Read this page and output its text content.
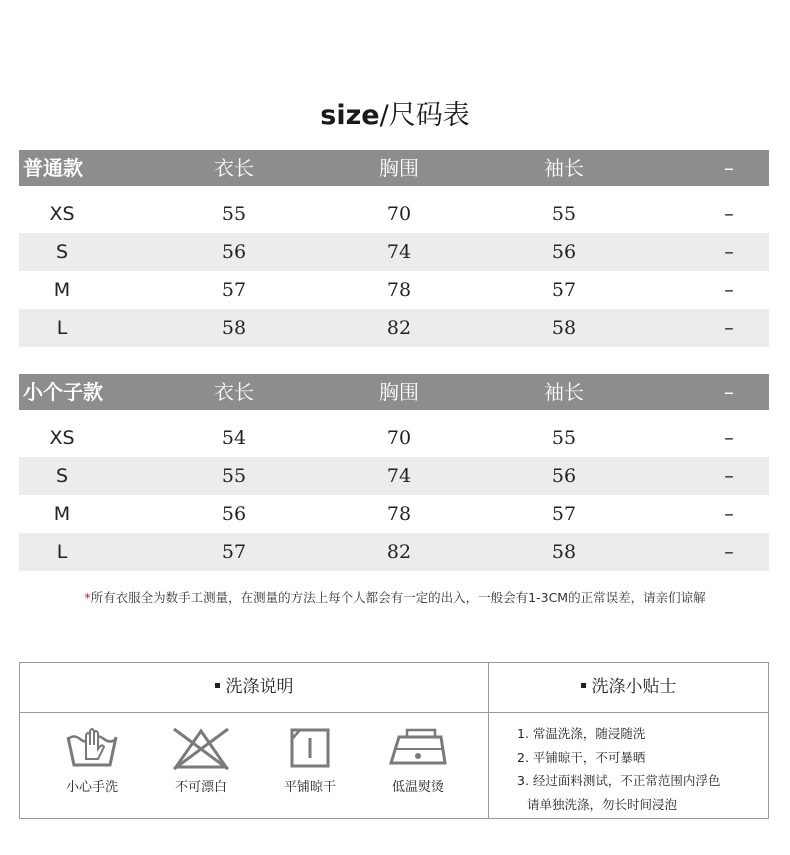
size/尺码表
普通款	衣长	胸围	袖长	–
XS	55	70	55	–
S	56	74	56	–
M	57	78	57	–
L	58	82	58	–
小个子款	衣长	胸围	袖长	–
XS	54	70	55	–
S	55	74	56	–
M	56	78	57	–
L	57	82	58	–
*所有衣服全为数手工测量，在测量的方法上每个人都会有一定的出入，一般会有1-3CM的正常误差，请亲们谅解
洗涤说明	洗涤小贴士
小心手洗	不可漂白	平铺晾干	低温熨烫
1. 常温洗涤，随浸随洗
2. 平铺晾干，不可暴晒
3. 经过面料测试，不正常范围内浮色
请单独洗涤，勿长时间浸泡
